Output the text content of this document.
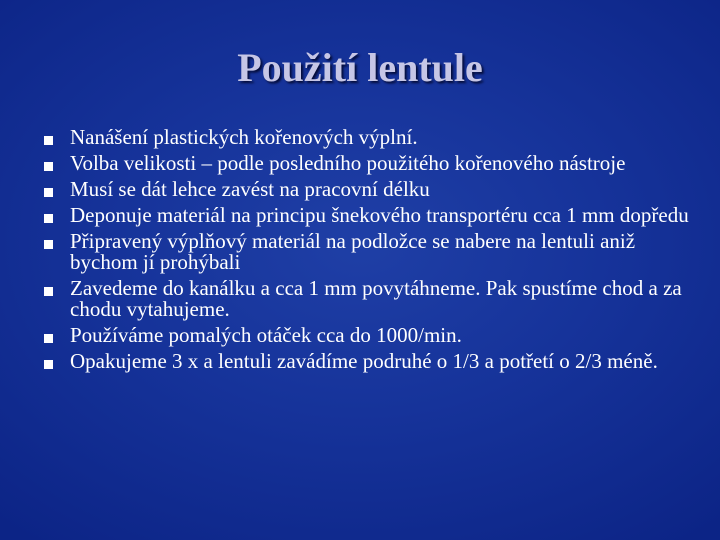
Použití lentule
Nanášení plastických kořenových výplní.
Volba velikosti – podle posledního použitého kořenového nástroje
Musí se dát lehce zavést na pracovní délku
Deponuje materiál na principu šnekového transportéru cca 1 mm dopředu
Připravený výplňový materiál na podložce se nabere na lentuli aniž bychom jí prohýbali
Zavedeme do kanálku a cca 1 mm povytáhneme. Pak spustíme chod a za chodu vytahujeme.
Používáme pomalých otáček cca do 1000/min.
Opakujeme 3 x a lentuli zavádíme podruhé o 1/3 a potřetí o 2/3 méně.
